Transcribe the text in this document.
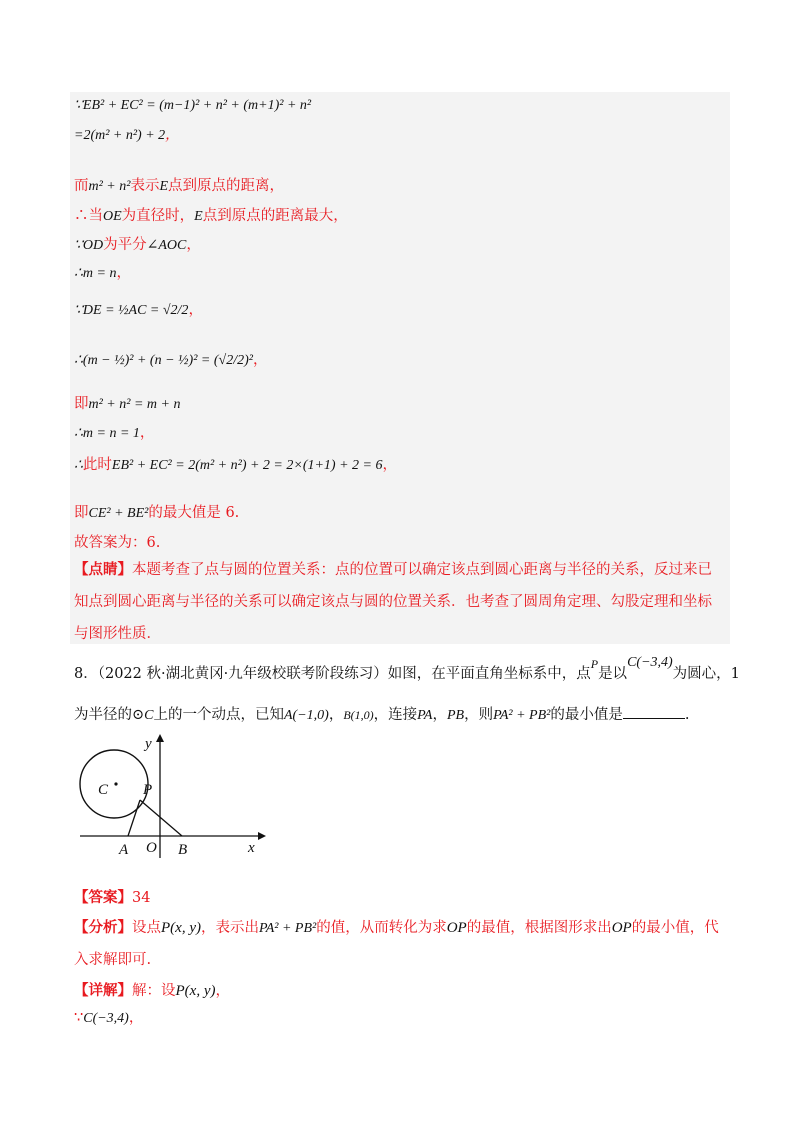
∵EB² + EC² = (m−1)² + n² + (m+1)² + n²
=2(m² + n²) + 2，
而m² + n²表示E点到原点的距离，
∴当OE为直径时，E点到原点的距离最大，
∵OD为平分∠AOC，
∴m = n，
∵DE = ½AC = √2/2，
∴(m − ½)² + (n − ½)² = (√2/2)²，
即m² + n² = m + n
∴m = n = 1，
∴此时EB² + EC² = 2(m² + n²) + 2 = 2×(1+1) + 2 = 6，
即CE² + BE²的最大值是 6.
故答案为：6.
【点睛】本题考查了点与圆的位置关系：点的位置可以确定该点到圆心距离与半径的关系，反过来已知点到圆心距离与半径的关系可以确定该点与圆的位置关系．也考查了圆周角定理、勾股定理和坐标与图形性质．
8．（2022 秋·湖北黄冈·九年级校联考阶段练习）如图，在平面直角坐标系中，点$^P$是以C(−3,4)为圆心，1
为半径的⊙C上的一个动点，已知A(−1,0)，B(1,0)，连接PA，PB，则PA² + PB²的最小值是	.
y
x
C P
A O B
【答案】34
【分析】设点P(x, y)，表示出PA² + PB²的值，从而转化为求OP的最值，根据图形求出OP的最小值，代
入求解即可.
【详解】解：设P(x, y)，
∵C(−3,4)，
